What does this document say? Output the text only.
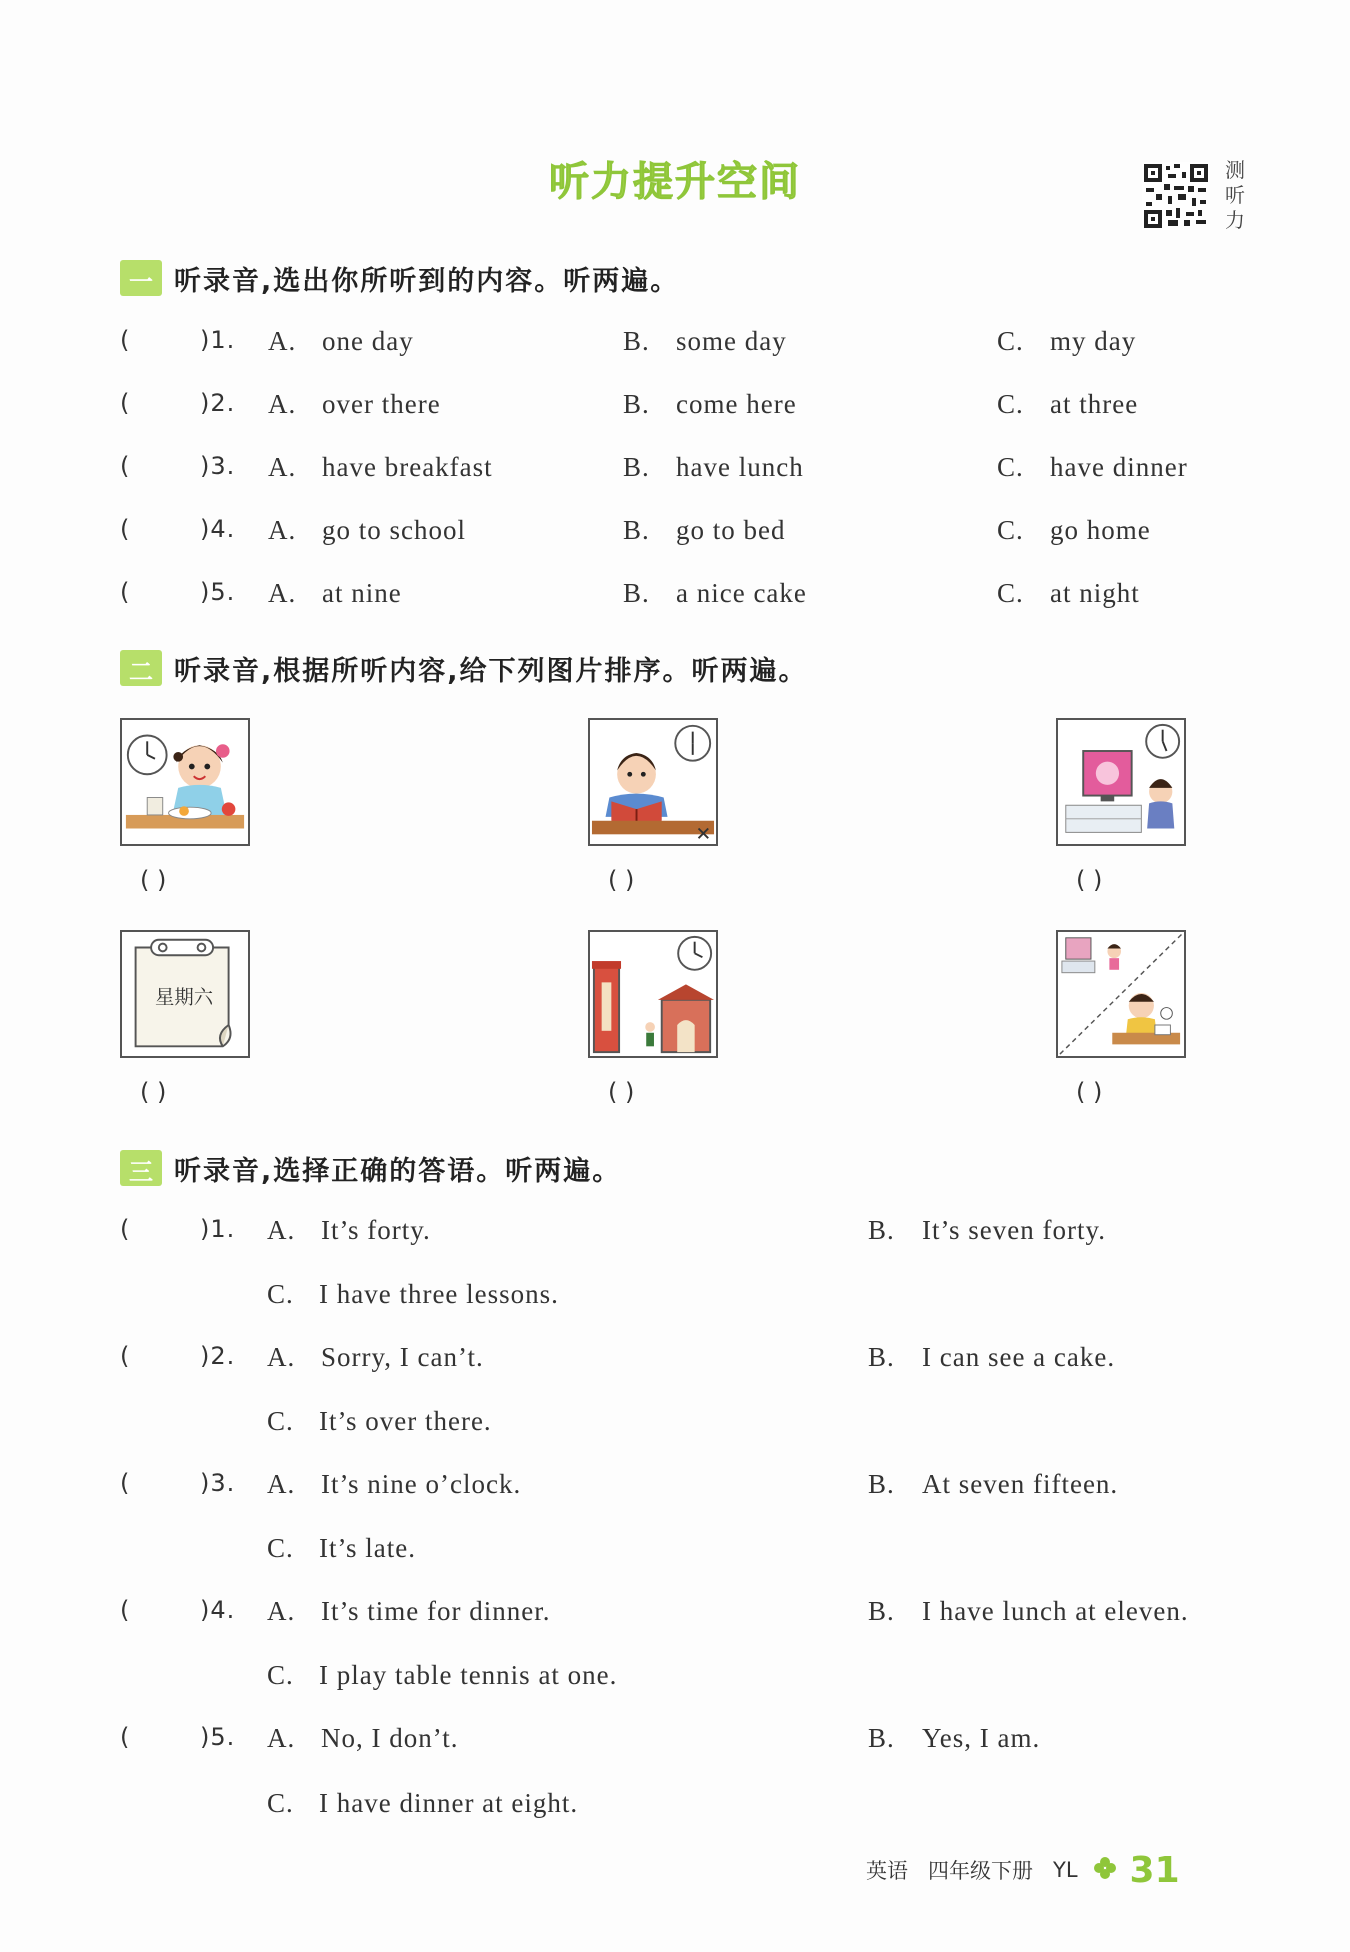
听力提升空间	测听力
一 听录音,选出你所听到的内容。听两遍。
(	)1. A. one day	B. some day	C. my day
(	)2. A. over there	B. come here	C. at three
(	)3. A. have breakfast	B. have lunch	C. have dinner
(	)4. A. go to school	B. go to bed	C. go home
(	)5. A. at nine	B. a nice cake	C. at night
二 听录音,根据所听内容,给下列图片排序。听两遍。
( )	( )	( )
星期六
( )	( )	( )
三 听录音,选择正确的答语。听两遍。
(	)1. A. It’s forty.	B. It’s seven forty.
C. I have three lessons.
(	)2. A. Sorry, I can’t.	B. I can see a cake.
C. It’s over there.
(	)3. A. It’s nine o’clock.	B. At seven fifteen.
C. It’s late.
(	)4. A. It’s time for dinner.	B. I have lunch at eleven.
C. I play table tennis at one.
(	)5. A. No, I don’t.	B. Yes, I am.
C. I have dinner at eight.
英语 四年级下册 YL 31
